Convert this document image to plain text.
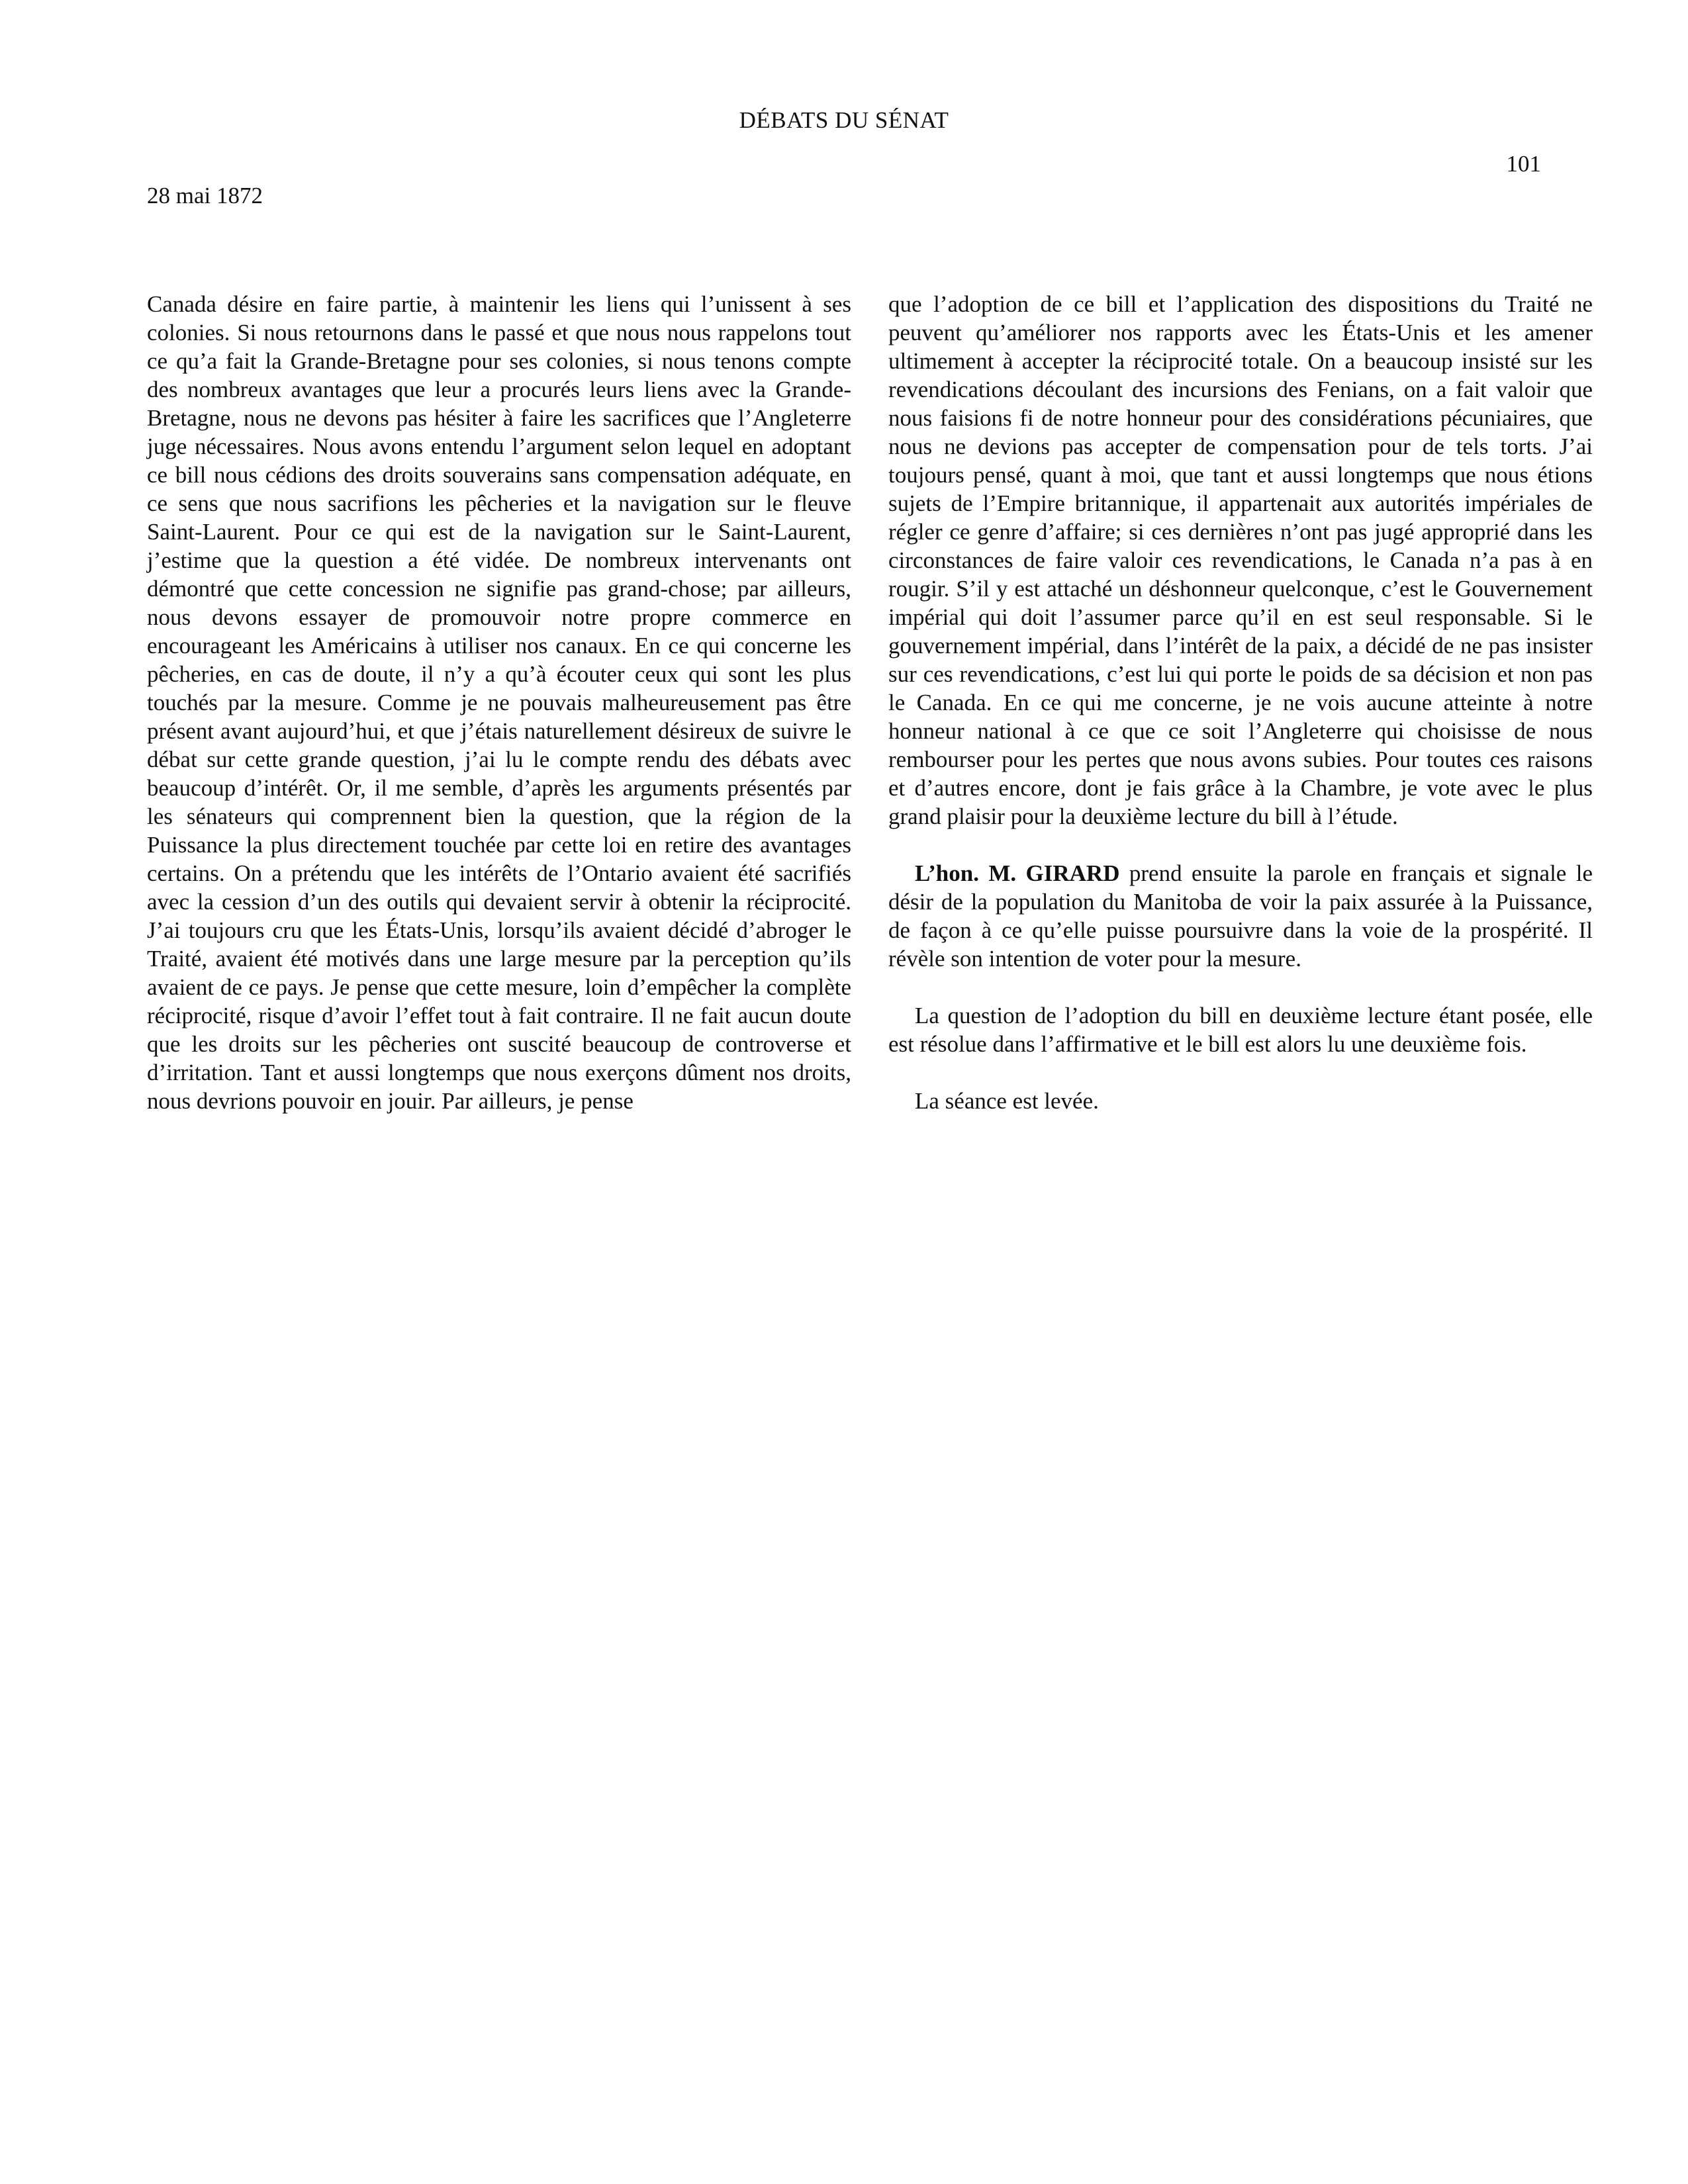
DÉBATS DU SÉNAT
101
28 mai 1872

Canada désire en faire partie, à maintenir les liens qui l’unissent à ses colonies. Si nous retournons dans le passé et que nous nous rappelons tout ce qu’a fait la Grande-Bretagne pour ses colonies, si nous tenons compte des nombreux avantages que leur a procurés leurs liens avec la Grande-Bretagne, nous ne devons pas hésiter à faire les sacrifices que l’Angleterre juge nécessaires. Nous avons entendu l’argument selon lequel en adoptant ce bill nous cédions des droits souverains sans compensation adéquate, en ce sens que nous sacrifions les pêcheries et la navigation sur le fleuve Saint-Laurent. Pour ce qui est de la navigation sur le Saint-Laurent, j’estime que la question a été vidée. De nombreux intervenants ont démontré que cette concession ne signifie pas grand-chose; par ailleurs, nous devons essayer de promouvoir notre propre commerce en encourageant les Américains à utiliser nos canaux. En ce qui concerne les pêcheries, en cas de doute, il n’y a qu’à écouter ceux qui sont les plus touchés par la mesure. Comme je ne pouvais malheureusement pas être présent avant aujourd’hui, et que j’étais naturellement désireux de suivre le débat sur cette grande question, j’ai lu le compte rendu des débats avec beaucoup d’intérêt. Or, il me semble, d’après les arguments présentés par les sénateurs qui comprennent bien la question, que la région de la Puissance la plus directement touchée par cette loi en retire des avantages certains. On a prétendu que les intérêts de l’Ontario avaient été sacrifiés avec la cession d’un des outils qui devaient servir à obtenir la réciprocité. J’ai toujours cru que les États-Unis, lorsqu’ils avaient décidé d’abroger le Traité, avaient été motivés dans une large mesure par la perception qu’ils avaient de ce pays. Je pense que cette mesure, loin d’empêcher la complète réciprocité, risque d’avoir l’effet tout à fait contraire. Il ne fait aucun doute que les droits sur les pêcheries ont suscité beaucoup de controverse et d’irritation. Tant et aussi longtemps que nous exerçons dûment nos droits, nous devrions pouvoir en jouir. Par ailleurs, je pense

que l’adoption de ce bill et l’application des dispositions du Traité ne peuvent qu’améliorer nos rapports avec les États-Unis et les amener ultimement à accepter la réciprocité totale. On a beaucoup insisté sur les revendications découlant des incursions des Fenians, on a fait valoir que nous faisions fi de notre honneur pour des considérations pécuniaires, que nous ne devions pas accepter de compensation pour de tels torts. J’ai toujours pensé, quant à moi, que tant et aussi longtemps que nous étions sujets de l’Empire britannique, il appartenait aux autorités impériales de régler ce genre d’affaire; si ces dernières n’ont pas jugé approprié dans les circonstances de faire valoir ces revendications, le Canada n’a pas à en rougir. S’il y est attaché un déshonneur quelconque, c’est le Gouvernement impérial qui doit l’assumer parce qu’il en est seul responsable. Si le gouvernement impérial, dans l’intérêt de la paix, a décidé de ne pas insister sur ces revendications, c’est lui qui porte le poids de sa décision et non pas le Canada. En ce qui me concerne, je ne vois aucune atteinte à notre honneur national à ce que ce soit l’Angleterre qui choisisse de nous rembourser pour les pertes que nous avons subies. Pour toutes ces raisons et d’autres encore, dont je fais grâce à la Chambre, je vote avec le plus grand plaisir pour la deuxième lecture du bill à l’étude.

L’hon. M. GIRARD prend ensuite la parole en français et signale le désir de la population du Manitoba de voir la paix assurée à la Puissance, de façon à ce qu’elle puisse poursuivre dans la voie de la prospérité. Il révèle son intention de voter pour la mesure.

La question de l’adoption du bill en deuxième lecture étant posée, elle est résolue dans l’affirmative et le bill est alors lu une deuxième fois.

La séance est levée.
